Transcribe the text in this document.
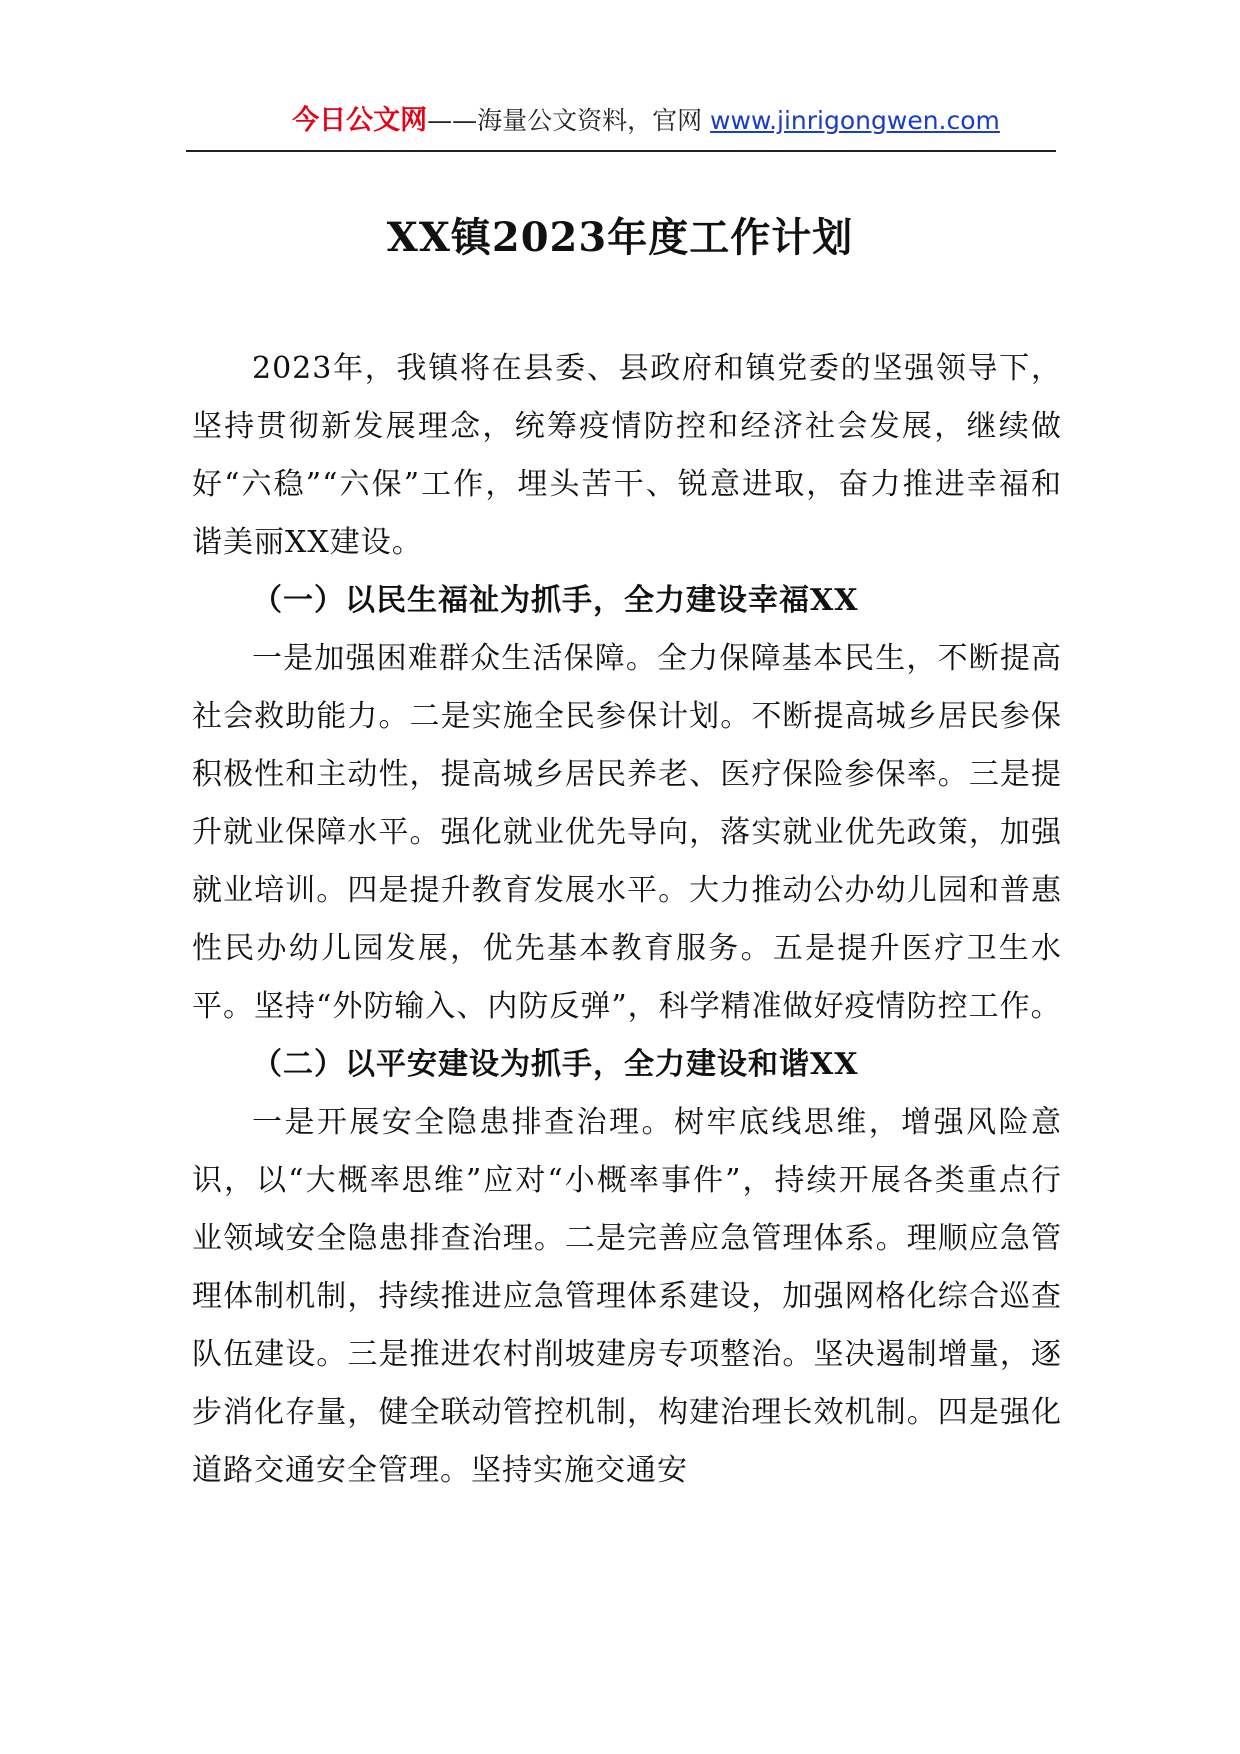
今日公文网——海量公文资料，官网 www.jinrigongwen.com
XX镇2023年度工作计划

2023年，我镇将在县委、县政府和镇党委的坚强领导下，坚持贯彻新发展理念，统筹疫情防控和经济社会发展，继续做好“六稳”“六保”工作，埋头苦干、锐意进取，奋力推进幸福和谐美丽XX建设。

（一）以民生福祉为抓手，全力建设幸福XX

一是加强困难群众生活保障。全力保障基本民生，不断提高社会救助能力。二是实施全民参保计划。不断提高城乡居民参保积极性和主动性，提高城乡居民养老、医疗保险参保率。三是提升就业保障水平。强化就业优先导向，落实就业优先政策，加强就业培训。四是提升教育发展水平。大力推动公办幼儿园和普惠性民办幼儿园发展，优先基本教育服务。五是提升医疗卫生水平。坚持“外防输入、内防反弹”，科学精准做好疫情防控工作。

（二）以平安建设为抓手，全力建设和谐XX

一是开展安全隐患排查治理。树牢底线思维，增强风险意识，以“大概率思维”应对“小概率事件”，持续开展各类重点行业领域安全隐患排查治理。二是完善应急管理体系。理顺应急管理体制机制，持续推进应急管理体系建设，加强网格化综合巡查队伍建设。三是推进农村削坡建房专项整治。坚决遏制增量，逐步消化存量，健全联动管控机制，构建治理长效机制。四是强化道路交通安全管理。坚持实施交通安
